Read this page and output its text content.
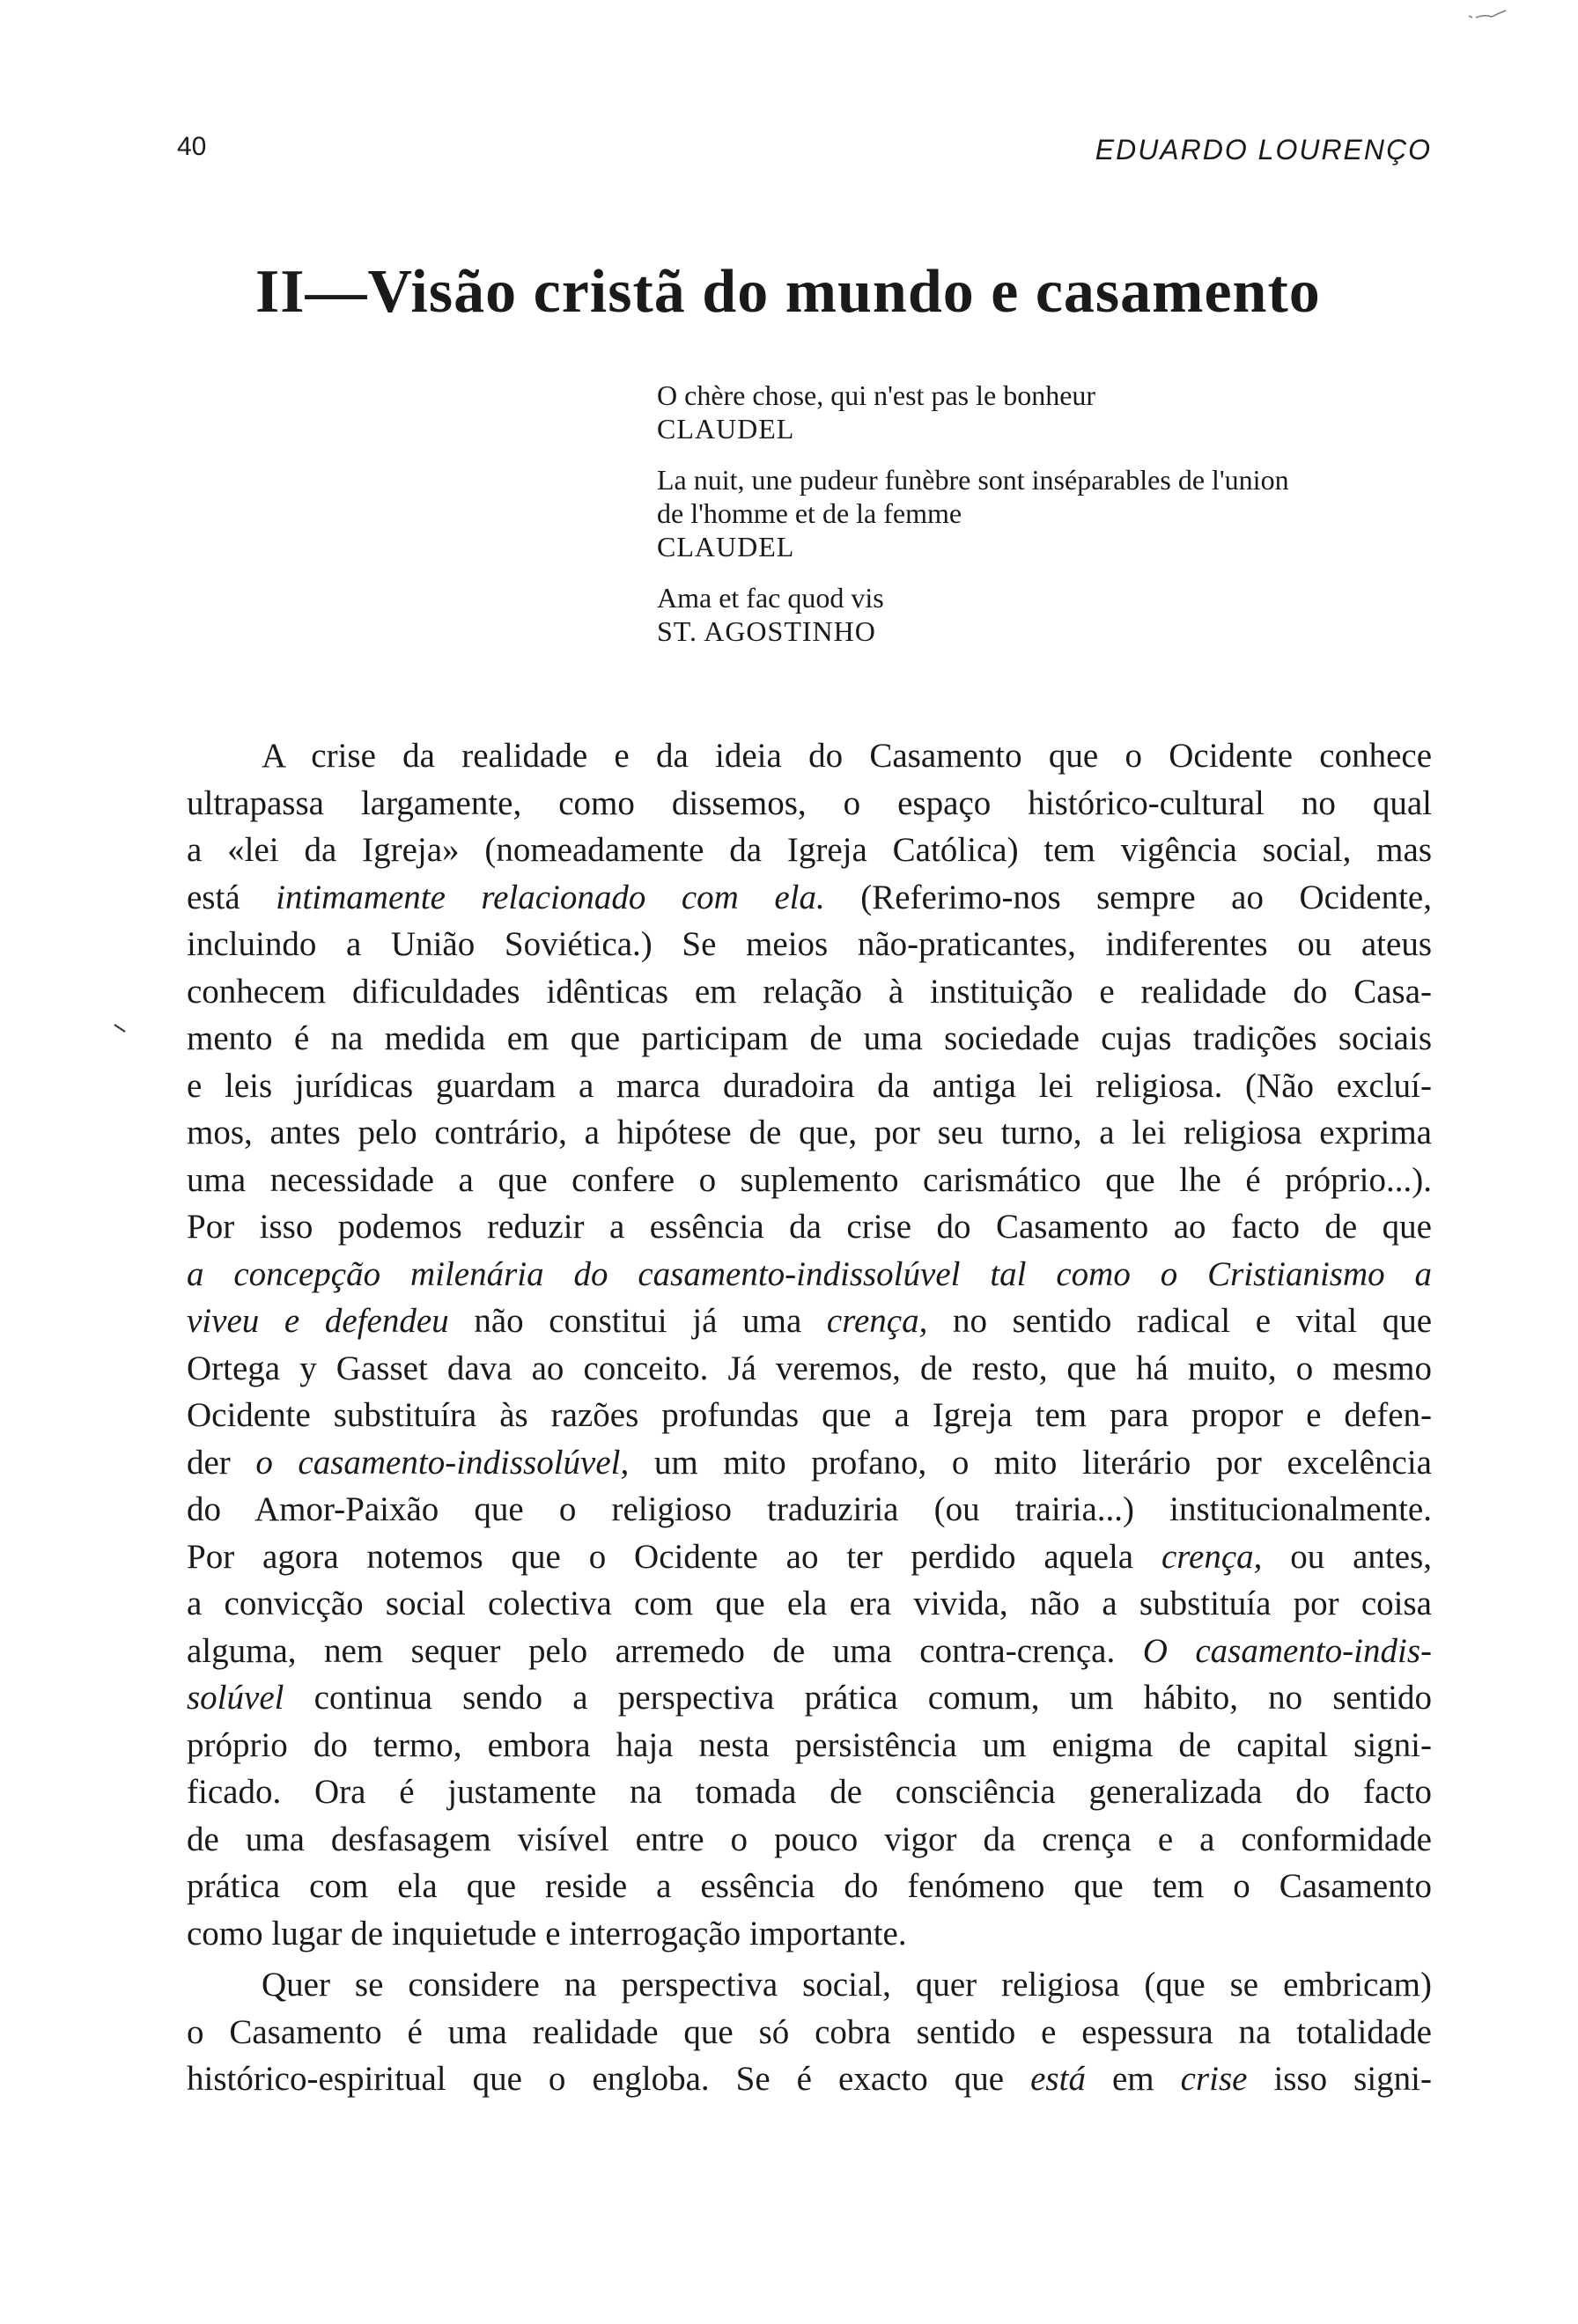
40	EDUARDO LOURENÇO

II—Visão cristã do mundo e casamento

O chère chose, qui n'est pas le bonheur

CLAUDEL

La nuit, une pudeur funèbre sont inséparables de l'union

de l'homme et de la femme

CLAUDEL

Ama et fac quod vis

ST. AGOSTINHO

A crise da realidade e da ideia do Casamento que o Ocidente conhece
ultrapassa largamente, como dissemos, o espaço histórico-cultural no qual
a «lei da Igreja» (nomeadamente da Igreja Católica) tem vigência social, mas
está intimamente relacionado com ela. (Referimo-nos sempre ao Ocidente,
incluindo a União Soviética.) Se meios não-praticantes, indiferentes ou ateus
conhecem dificuldades idênticas em relação à instituição e realidade do Casa-
mento é na medida em que participam de uma sociedade cujas tradições sociais
e leis jurídicas guardam a marca duradoira da antiga lei religiosa. (Não excluí-
mos, antes pelo contrário, a hipótese de que, por seu turno, a lei religiosa exprima
uma necessidade a que confere o suplemento carismático que lhe é próprio...).
Por isso podemos reduzir a essência da crise do Casamento ao facto de que
a concepção milenária do casamento-indissolúvel tal como o Cristianismo a
viveu e defendeu não constitui já uma crença, no sentido radical e vital que
Ortega y Gasset dava ao conceito. Já veremos, de resto, que há muito, o mesmo
Ocidente substituíra às razões profundas que a Igreja tem para propor e defen-
der o casamento-indissolúvel, um mito profano, o mito literário por excelência
do Amor-Paixão que o religioso traduziria (ou trairia...) institucionalmente.
Por agora notemos que o Ocidente ao ter perdido aquela crença, ou antes,
a convicção social colectiva com que ela era vivida, não a substituía por coisa
alguma, nem sequer pelo arremedo de uma contra-crença. O casamento-indis-
solúvel continua sendo a perspectiva prática comum, um hábito, no sentido
próprio do termo, embora haja nesta persistência um enigma de capital signi-
ficado. Ora é justamente na tomada de consciência generalizada do facto
de uma desfasagem visível entre o pouco vigor da crença e a conformidade
prática com ela que reside a essência do fenómeno que tem o Casamento
como lugar de inquietude e interrogação importante.

Quer se considere na perspectiva social, quer religiosa (que se embricam)
o Casamento é uma realidade que só cobra sentido e espessura na totalidade
histórico-espiritual que o engloba. Se é exacto que está em crise isso signi-
